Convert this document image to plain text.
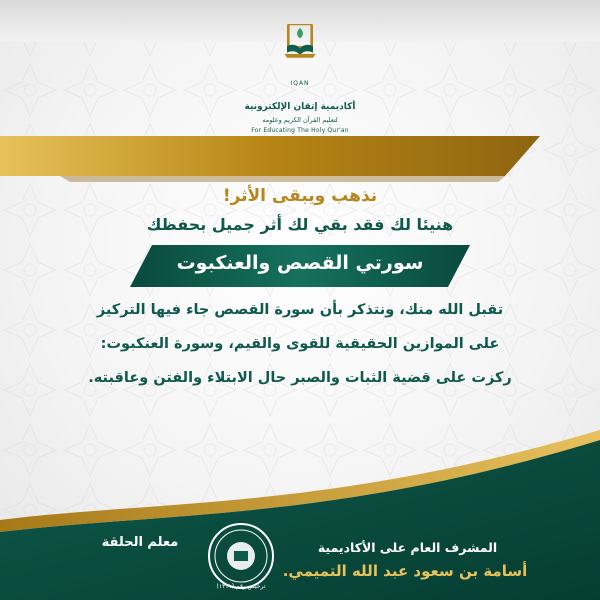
IQAN
أكاديمية إتقان الإلكترونية
لتعليم القرآن الكريم وعلومه
For Educating The Holy Qur'an
نذهب ويبقى الأثر!
هنيئا لك فقد بقي لك أثر جميل بحفظك
سورتي القصص والعنكبوت
تقبل الله منك، ونتذكر بأن سورة القصص جاء فيها التركيز
على الموازين الحقيقية للقوى والقيم، وسورة العنكبوت:
ركزت على قضية الثبات والصبر حال الابتلاء والفتن وعاقبته.
معلم الحلقة
ترخيص رقم (١٣١١)
المشرف العام على الأكاديمية
أسامة بن سعود عبد الله التميمي.
